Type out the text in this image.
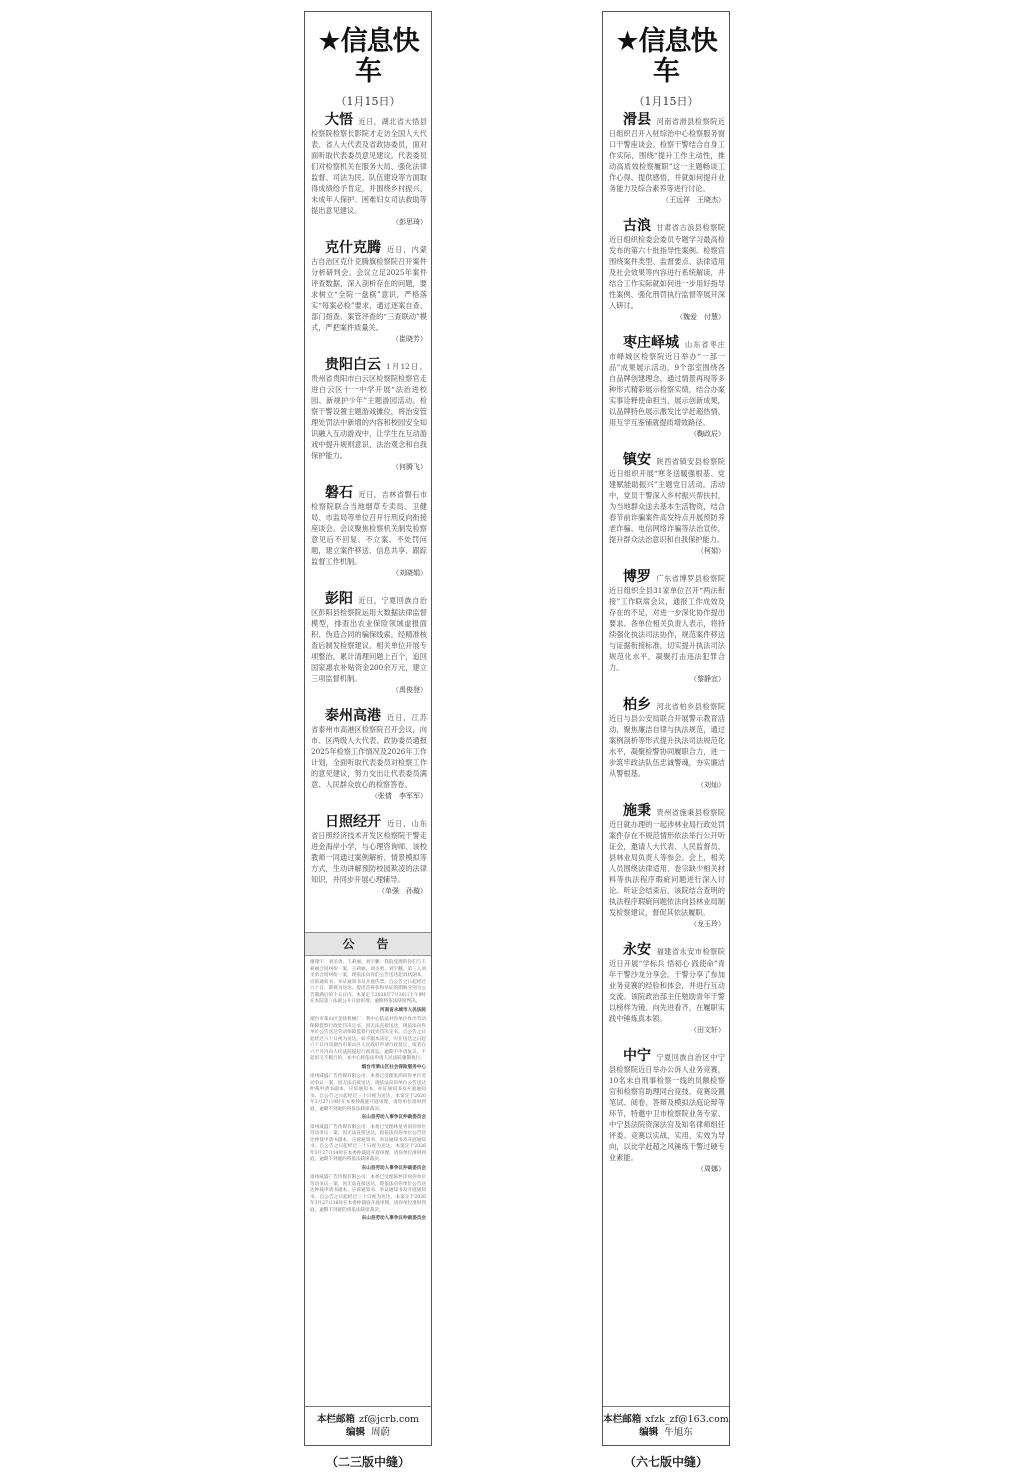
★信息快车
（1月15日）

大悟 近日，湖北省大悟县检察院检察长影院才走访全国人大代表、省人大代表及省政协委员，面对面听取代表委员意见建议。代表委员们对检察机关在服务大局、强化法律监督、司法为民、队伍建设等方面取得成绩给予肯定，并围绕乡村振兴、未成年人保护、困难妇女司法救助等提出意见建议。

（彭思琦）

克什克腾 近日，内蒙古自治区克什克腾旗检察院召开案件分析研判会。会议立足2025年案件评查数据，深入剖析存在的问题，要求树立“全院一盘棋”意识，严格落实“每案必检”要求，通过逐案自查、部门指查、案管评查的“三查联动”模式，严把案件质量关。

（崔晓芳）

贵阳白云 1月12日，贵州省贵阳市白云区检察院检察官走进白云区十一中学开展“法治进校园、新规护少年”主题游园活动。检察干警设置主题游戏摊位，将治安管理处罚法中新增的内容和校园安全知识融入互动游戏中，让学生在互动游戏中提升规则意识、法治观念和自我保护能力。

（何腾飞）

磐石 近日，吉林省磐石市检察院联合当地烟草专卖局、卫健局、市监局等单位召开行刑反向衔接座谈会。会议聚焦检察机关制发检察意见后不回复、不立案、不处罚问题，建立案件移送、信息共享、跟踪监督工作机制。

（刘晓娟）

彭阳 近日，宁夏回族自治区彭阳县检察院运用大数据法律监督模型，排查出农业保险领域虚报面积、伪造合同的骗保线索，经精准核查后制发检察建议。相关单位开展专项整治，累计清理问题上百个，追回国家惠农补贴资金200余万元，建立三项监督机制。

（禹俊登）

泰州高港 近日，江苏省泰州市高港区检察院召开会议，向市、区两级人大代表、政协委员通报2025年检察工作情况及2026年工作计划，全面听取代表委员对检察工作的意见建议，努力交出让代表委员满意、人民群众放心的检察答卷。

（张倩　李军军）

日照经开 近日，山东省日照经济技术开发区检察院干警走进金海岸小学，与心理咨询师、该校教师一同通过案例解析、情景模拟等方式，生动讲解预防校园欺凌的法律知识，并同步开展心理辅导。

（单强　孙璇）
公　告
谢翔宇、刘圣勇、王莉丽、刘宇鹏：我院受理的你们与王莉丽合同纠纷一案，王莉丽、刘圣勇、刘宇鹏，第三人刘圣勇合同纠纷一案，现依法向你们公告送达起诉状副本、应诉通知书、举证通知书及开庭传票。自公告之日起经过六十日，即视为送达。提出答辩状和举证的期限分别为公告期满后的十五日内。本案定于2026年7月30日上午9时在本院第三法庭公开开庭审理，逾期将依法缺席判决。
河南省永城市人民法院
烟台市莱山区金扬机械厂：我中心依法对你单位作出劳动保障监察行政处罚决定书，因无法直接送达，现依法向你单位公告送达劳动保障监察行政处罚决定书。自公告之日起经过六十日视为送达。如不服本决定，可在送达之日起六十日内向烟台市莱山区人民政府申请行政复议，或者在六个月内向人民法院提起行政诉讼。逾期不申请复议、不起诉又不履行的，本中心将依法申请人民法院强制执行。
烟台市莱山区社会保险服务中心
漳州威盛广告传媒有限公司：本委已受理张鸿同你单位劳动争议一案，因无法直接送达，现依法向你单位公告送达仲裁申请书副本、应诉通知书、举证通知书及开庭通知书。自公告之日起经过三十日视为送达。本案定于2026年3月27日9时在本委仲裁庭开庭审理，请你单位准时到庭，逾期不到庭的将依法缺席裁决。
东山县劳动人事争议仲裁委员会
漳州威盛广告传媒有限公司：本委已受理林星男同你单位劳动争议一案，因无法直接送达，现依法向你单位公告送达仲裁申请书副本、应诉通知书、举证通知书及开庭通知书。自公告之日起经过三十日视为送达。本案定于2026年3月27日14时在本委仲裁庭开庭审理，请你单位准时到庭，逾期不到庭的将依法缺席裁决。
东山县劳动人事争议仲裁委员会
漳州威盛广告传媒有限公司：本委已受理陈怀泽同你单位劳动争议一案，因无法直接送达，现依法向你单位公告送达仲裁申请书副本、应诉通知书、举证通知书及开庭通知书。自公告之日起经过三十日视为送达。本案定于2026年3月27日16时在本委仲裁庭开庭审理，请你单位准时到庭，逾期不到庭的将依法缺席裁决。
东山县劳动人事争议仲裁委员会
本栏邮箱 zf@jcrb.com
编辑 周蔚
（二三版中缝）
★信息快车
（1月15日）

滑县 河南省滑县检察院近日组织召开入驻综治中心检察服务窗口干警座谈会。检察干警结合自身工作实际，围绕“提升工作主动性，推动高质效检察履职”这一主题畅谈工作心得、提供感悟，并就如何提升业务能力及综合素养等进行讨论。

（王远祥　王晓杰）

古浪 甘肃省古浪县检察院近日组织检委会委员专题学习最高检发布的第六十批指导性案例。检察官围绕案件类型、监督要点、法律适用及社会效果等内容进行系统解读，并结合工作实际就如何进一步用好指导性案例、强化刑罚执行监督等展开深入研讨。

（魏爱　付慧）

枣庄峄城 山东省枣庄市峄城区检察院近日举办“一部一品”成果展示活动，9个部室围绕各自品牌创建理念，通过情景再现等多种形式精彩展示检察实绩，结合办案实事诠释使命担当，展示创新成果，以品牌特色展示激发比学赶超热情，用互学互鉴铺就提质增效路径。

（鞠政辰）

镇安 陕西省镇安县检察院近日组织开展“寒冬送暖强根基、党建赋能助振兴”主题党日活动。活动中，党员干警深入乡村振兴帮扶村，为当地群众送去基本生活物资，结合春节前诈骗案件高发特点开展预防养老诈骗、电信网络诈骗等法治宣传，提升群众法治意识和自我保护能力。

（柯娟）

博罗 广东省博罗县检察院近日组织全县31家单位召开“两法衔接”工作联席会议，通报工作成效及存在的不足，对进一步深化协作提出要求。各单位相关负责人表示，将持续强化执法司法协作，规范案件移送与证据衔接标准，切实提升执法司法规范化水平，凝聚打击违法犯罪合力。

（黎静宜）

柏乡 河北省柏乡县检察院近日与县公安局联合开展警示教育活动，聚焦廉洁自律与执法规范，通过案例剖析等形式提升执法司法规范化水平，凝聚检警协同履职合力，进一步筑牢政法队伍忠诚警魂，夯实廉洁从警根基。

（刘灿）

施秉 贵州省施秉县检察院近日就办理的一起涉林业局行政处罚案件存在不规范情形依法举行公开听证会，邀请人大代表、人民监督员、县林业局负责人等参会。会上，相关人员围绕法律适用、卷宗缺少相关材料等执法程序瑕疵问题进行深入讨论。听证会结束后，该院结合查明的执法程序瑕疵问题依法向县林业局制发检察建议，督促其依法履职。

（龙玉玲）

永安 福建省永安市检察院近日开展“学标兵 悟初心 践使命”青年干警沙龙分享会。干警分享了参加业务竞赛的经验和体会，并进行互动交流。该院政治部主任勉励青年干警以榜样为镜、向先进看齐，在履职实践中锤炼真本领。

（田文轩）

中宁 宁夏回族自治区中宁县检察院近日举办公诉人业务竞赛，10名未自刑事检察一线的员额检察官和检察官助理同台竞技。竞赛设置笔试、阅卷、答辩及模拟法庭论辩等环节，特邀中卫市检察院业务专家、中宁县法院资深法官及知名律师组任评委。竞赛以实战、实用、实效为导向，以比学赶超之风锤炼干警过硬专业素能。

（周娜）
本栏邮箱 xfzk_zf@163.com
编辑 牛旭东
（六七版中缝）
